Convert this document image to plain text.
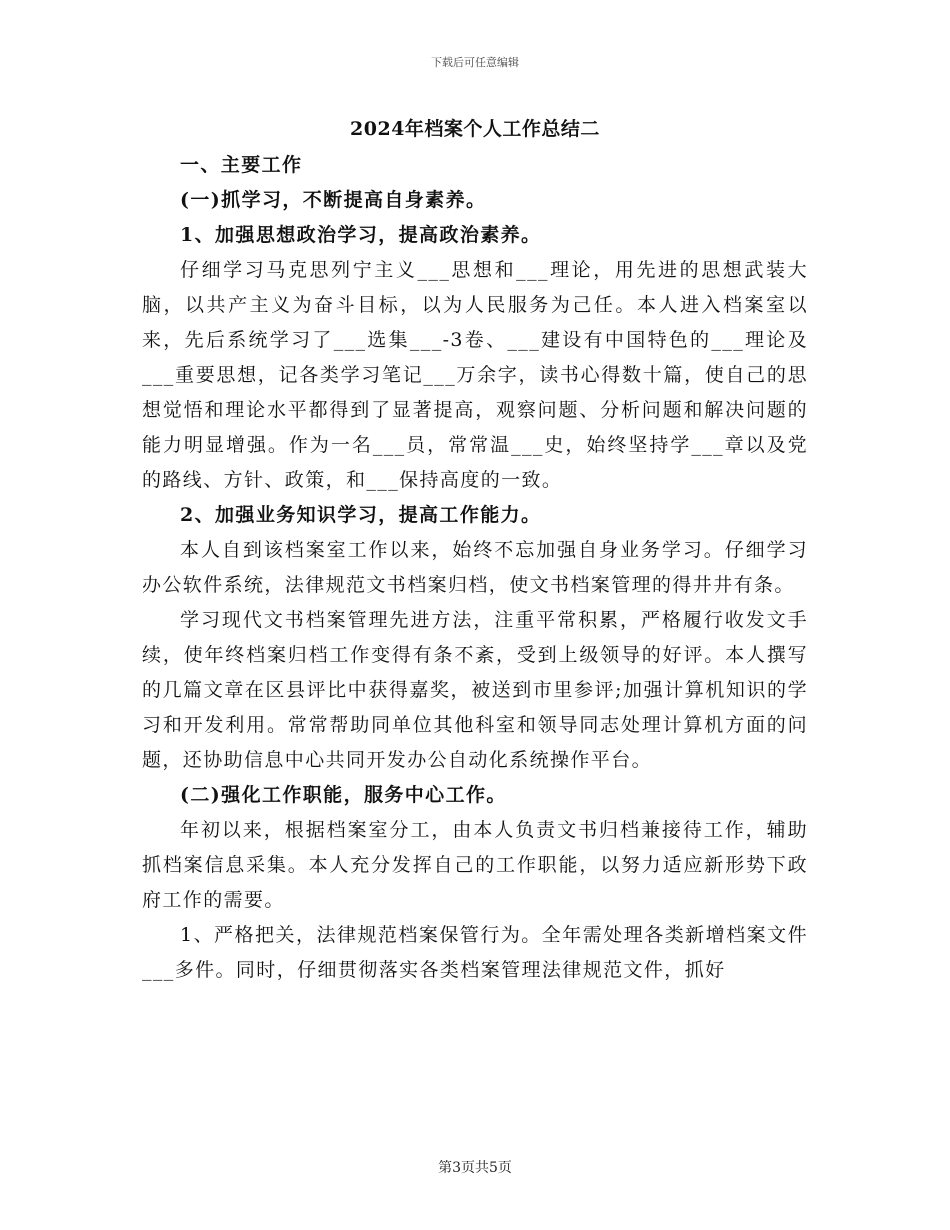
下载后可任意编辑
2024年档案个人工作总结二

一、主要工作

(一)抓学习，不断提高自身素养。

1、加强思想政治学习，提高政治素养。

仔细学习马克思列宁主义___思想和___理论，用先进的思想武装大脑，以共产主义为奋斗目标，以为人民服务为己任。本人进入档案室以来，先后系统学习了___选集___-3卷、___建设有中国特色的___理论及___重要思想，记各类学习笔记___万余字，读书心得数十篇，使自己的思想觉悟和理论水平都得到了显著提高，观察问题、分析问题和解决问题的能力明显增强。作为一名___员，常常温___史，始终坚持学___章以及党的路线、方针、政策，和___保持高度的一致。

2、加强业务知识学习，提高工作能力。

本人自到该档案室工作以来，始终不忘加强自身业务学习。仔细学习办公软件系统，法律规范文书档案归档，使文书档案管理的得井井有条。

学习现代文书档案管理先进方法，注重平常积累，严格履行收发文手续，使年终档案归档工作变得有条不紊，受到上级领导的好评。本人撰写的几篇文章在区县评比中获得嘉奖，被送到市里参评;加强计算机知识的学习和开发利用。常常帮助同单位其他科室和领导同志处理计算机方面的问题，还协助信息中心共同开发办公自动化系统操作平台。

(二)强化工作职能，服务中心工作。

年初以来，根据档案室分工，由本人负责文书归档兼接待工作，辅助抓档案信息采集。本人充分发挥自己的工作职能，以努力适应新形势下政府工作的需要。

1、严格把关，法律规范档案保管行为。全年需处理各类新增档案文件___多件。同时，仔细贯彻落实各类档案管理法律规范文件，抓好

第3页共5页
